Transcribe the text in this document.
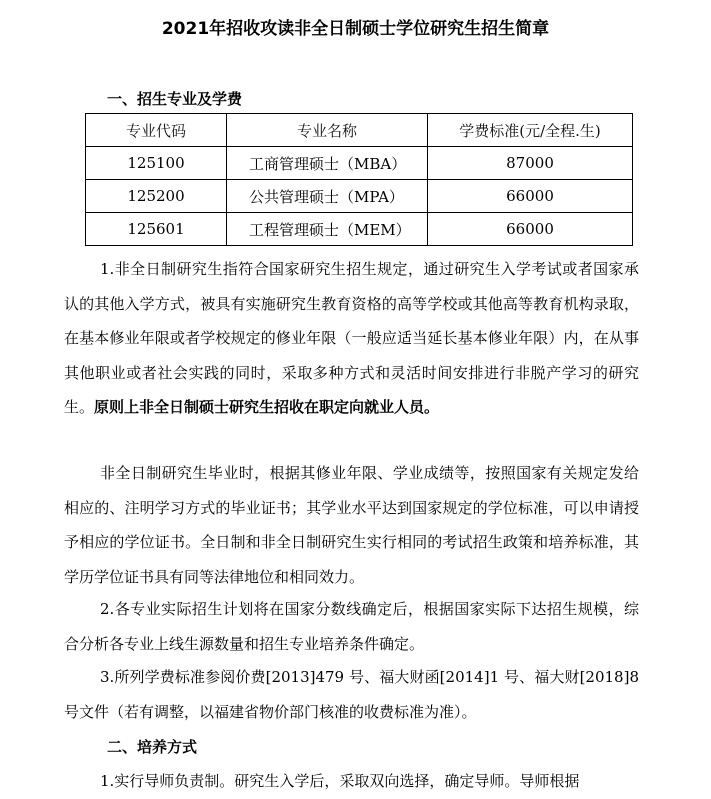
2021年招收攻读非全日制硕士学位研究生招生简章
一、招生专业及学费
专业代码	专业名称	学费标准(元/全程.生)
125100	工商管理硕士（MBA）	87000
125200	公共管理硕士（MPA）	66000
125601	工程管理硕士（MEM）	66000
1.非全日制研究生指符合国家研究生招生规定，通过研究生入学考试或者国家承认的其他入学方式，被具有实施研究生教育资格的高等学校或其他高等教育机构录取，在基本修业年限或者学校规定的修业年限（一般应适当延长基本修业年限）内，在从事其他职业或者社会实践的同时，采取多种方式和灵活时间安排进行非脱产学习的研究生。原则上非全日制硕士研究生招收在职定向就业人员。
非全日制研究生毕业时，根据其修业年限、学业成绩等，按照国家有关规定发给相应的、注明学习方式的毕业证书；其学业水平达到国家规定的学位标准，可以申请授予相应的学位证书。全日制和非全日制研究生实行相同的考试招生政策和培养标准，其学历学位证书具有同等法律地位和相同效力。
2.各专业实际招生计划将在国家分数线确定后，根据国家实际下达招生规模，综合分析各专业上线生源数量和招生专业培养条件确定。
3.所列学费标准参阅价费[2013]479 号、福大财函[2014]1 号、福大财[2018]8号文件（若有调整，以福建省物价部门核准的收费标准为准）。
二、培养方式
1.实行导师负责制。研究生入学后，采取双向选择，确定导师。导师根据
